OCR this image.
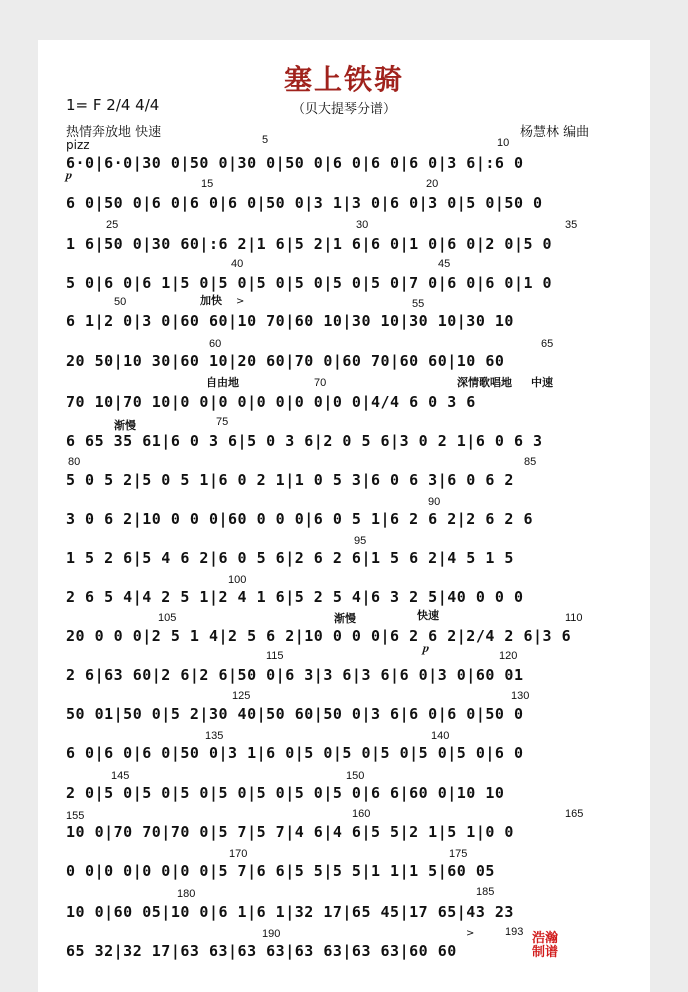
塞上铁骑
（贝大提琴分谱）
1= F 2/4 4/4
热情奔放地 快速	杨慧林 编曲
pizz
6·0|6·0|30 0|50 0|30 0|50 0|6 0|6 0|6 0|3 6|:6 0
6 0|50 0|6 0|6 0|6 0|50 0|3 1|3 0|6 0|3 0|5 0|50 0
1 6|50 0|30 60|:6 2|1 6|5 2|1 6|6 0|1 0|6 0|2 0|5 0
5 0|6 0|6 1|5 0|5 0|5 0|5 0|5 0|5 0|7 0|6 0|6 0|1 0
6 1|2 0|3 0|60 60|10 70|60 10|30 10|30 10|30 10
20 50|10 30|60 10|20 60|70 0|60 70|60 60|10 60
70 10|70 10|0 0|0 0|0 0|0 0|0 0|4/4 6 0 3 6
6 65 35 61|6 0 3 6|5 0 3 6|2 0 5 6|3 0 2 1|6 0 6 3
5 0 5 2|5 0 5 1|6 0 2 1|1 0 5 3|6 0 6 3|6 0 6 2
3 0 6 2|10 0 0 0|60 0 0 0|6 0 5 1|6 2 6 2|2 6 2 6
1 5 2 6|5 4 6 2|6 0 5 6|2 6 2 6|1 5 6 2|4 5 1 5
2 6 5 4|4 2 5 1|2 4 1 6|5 2 5 4|6 3 2 5|40 0 0 0
20 0 0 0|2 5 1 4|2 5 6 2|10 0 0 0|6 2 6 2|2/4 2 6|3 6
2 6|63 60|2 6|2 6|50 0|6 3|3 6|3 6|6 0|3 0|60 01
50 01|50 0|5 2|30 40|50 60|50 0|3 6|6 0|6 0|50 0
6 0|6 0|6 0|50 0|3 1|6 0|5 0|5 0|5 0|5 0|5 0|6 0
2 0|5 0|5 0|5 0|5 0|5 0|5 0|5 0|6 6|60 0|10 10
10 0|70 70|70 0|5 7|5 7|4 6|4 6|5 5|2 1|5 1|0 0
0 0|0 0|0 0|0 0|5 7|6 6|5 5|5 5|1 1|1 5|60 05
10 0|60 05|10 0|6 1|6 1|32 17|65 45|17 65|43 23
65 32|32 17|63 63|63 63|63 63|63 63|60 60
5	10
15	20
25	30	35
40	45
50	55
60	65
70
75
80	85
90
95
100
105	110
115	120
125	130
135	140
145	150
155	160	165
170	175
180	185
190	193
加快
自由地	深情歌唱地 中速
渐慢
渐慢	快速
𝆏
𝆏
>
>	浩瀚 制谱
